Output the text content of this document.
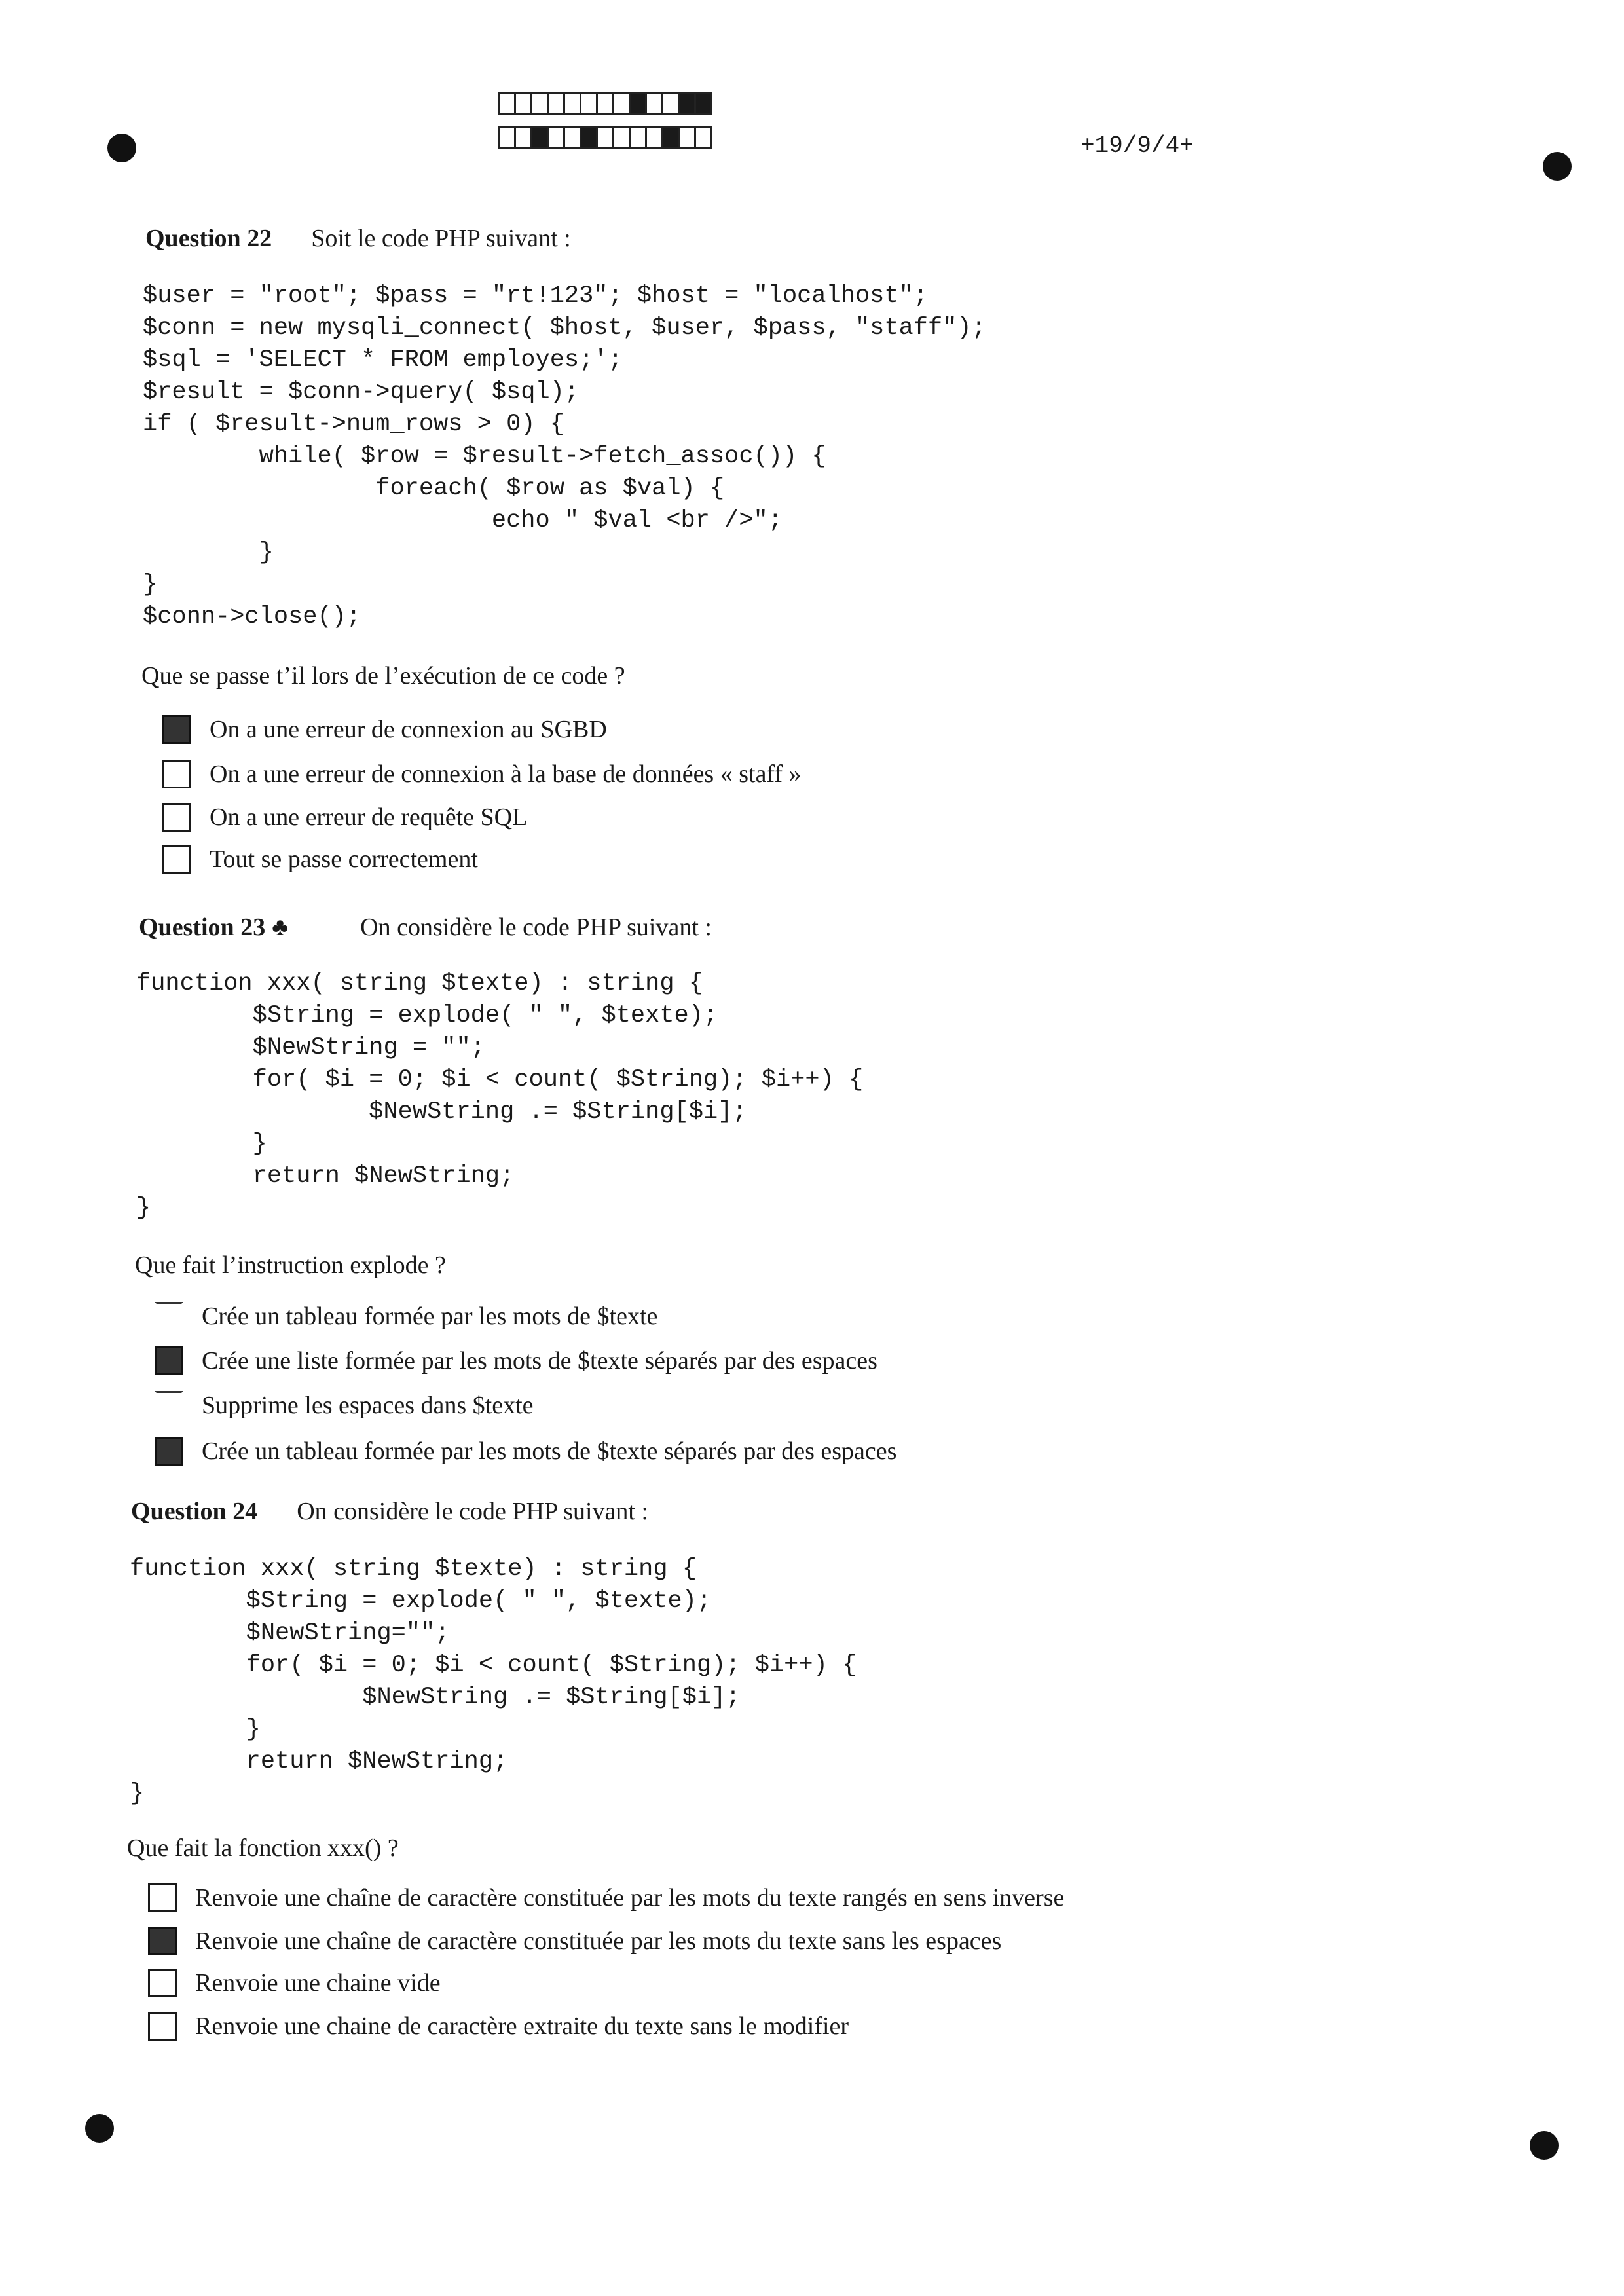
+19/9/4+
Question 22 Soit le code PHP suivant :
$user = "root"; $pass = "rt!123"; $host = "localhost";
$conn = new mysqli_connect( $host, $user, $pass, "staff");
$sql = 'SELECT * FROM employes;';
$result = $conn->query( $sql);
if ( $result->num_rows > 0) {
while( $row = $result->fetch_assoc()) {
foreach( $row as $val) {
echo " $val <br />";
}
}
$conn->close();
Que se passe t’il lors de l’exécution de ce code ?
On a une erreur de connexion au SGBD
On a une erreur de connexion à la base de données « staff »
On a une erreur de requête SQL
Tout se passe correctement
Question 23 ♣	On considère le code PHP suivant :
function xxx( string $texte) : string {
$String = explode( " ", $texte);
$NewString = "";
for( $i = 0; $i < count( $String); $i++) {
$NewString .= $String[$i];
}
return $NewString;
}
Que fait l’instruction explode ?
Crée un tableau formée par les mots de $texte
Crée une liste formée par les mots de $texte séparés par des espaces
Supprime les espaces dans $texte
Crée un tableau formée par les mots de $texte séparés par des espaces
Question 24 On considère le code PHP suivant :
function xxx( string $texte) : string {
$String = explode( " ", $texte);
$NewString="";
for( $i = 0; $i < count( $String); $i++) {
$NewString .= $String[$i];
}
return $NewString;
}
Que fait la fonction xxx() ?
Renvoie une chaîne de caractère constituée par les mots du texte rangés en sens inverse
Renvoie une chaîne de caractère constituée par les mots du texte sans les espaces
Renvoie une chaine vide
Renvoie une chaine de caractère extraite du texte sans le modifier
